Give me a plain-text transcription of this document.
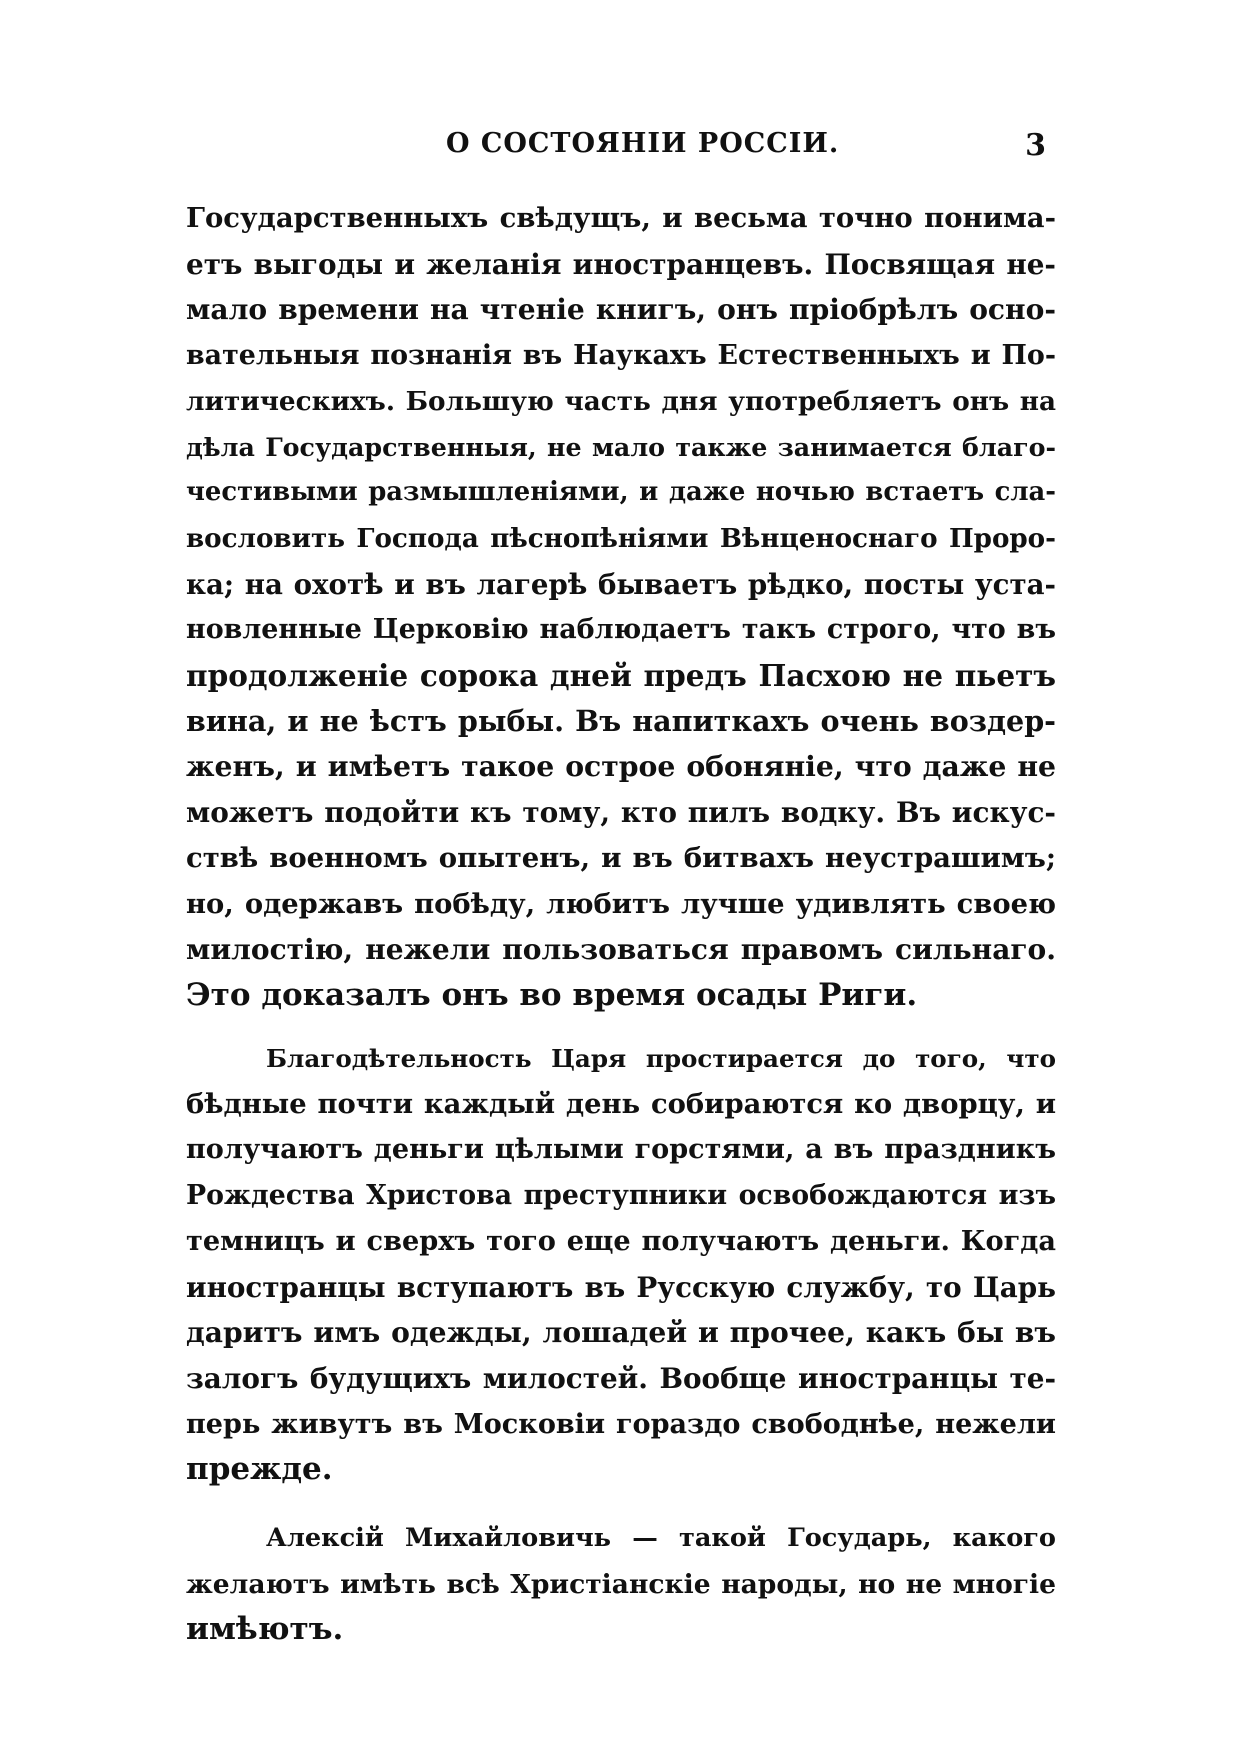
О СОСТОЯНІИ РОССІИ.	3
Государственныхъ свѣдущъ, и весьма точно понима-
етъ выгоды и желанія иностранцевъ. Посвящая не-
мало времени на чтеніе книгъ, онъ пріобрѣлъ осно-
вательныя познанія въ Наукахъ Естественныхъ и По-
литическихъ. Большую часть дня употребляетъ онъ на
дѣла Государственныя, не мало также занимается благо-
честивыми размышленіями, и даже ночью встаетъ сла-
вословить Господа пѣснопѣніями Вѣнценоснаго Проро-
ка; на охотѣ и въ лагерѣ бываетъ рѣдко, посты уста-
новленные Церковію наблюдаетъ такъ строго, что въ
продолженіе сорока дней предъ Пасхою не пьетъ
вина, и не ѣстъ рыбы. Въ напиткахъ очень воздер-
женъ, и имѣетъ такое острое обоняніе, что даже не
можетъ подойти къ тому, кто пилъ водку. Въ искус-
ствѣ военномъ опытенъ, и въ битвахъ неустрашимъ;
но, одержавъ побѣду, любитъ лучше удивлять своею
милостію, нежели пользоваться правомъ сильнаго.
Это доказалъ онъ во время осады Риги.
Благодѣтельность Царя простирается до того, что
бѣдные почти каждый день собираются ко дворцу, и
получаютъ деньги цѣлыми горстями, а въ праздникъ
Рождества Христова преступники освобождаются изъ
темницъ и сверхъ того еще получаютъ деньги. Когда
иностранцы вступаютъ въ Русскую службу, то Царь
даритъ имъ одежды, лошадей и прочее, какъ бы въ
залогъ будущихъ милостей. Вообще иностранцы те-
перь живутъ въ Московіи гораздо свободнѣе, нежели
прежде.
Алексій Михайловичь — такой Государь, какого
желаютъ имѣть всѣ Христіанскіе народы, но не многіе
имѣютъ.
